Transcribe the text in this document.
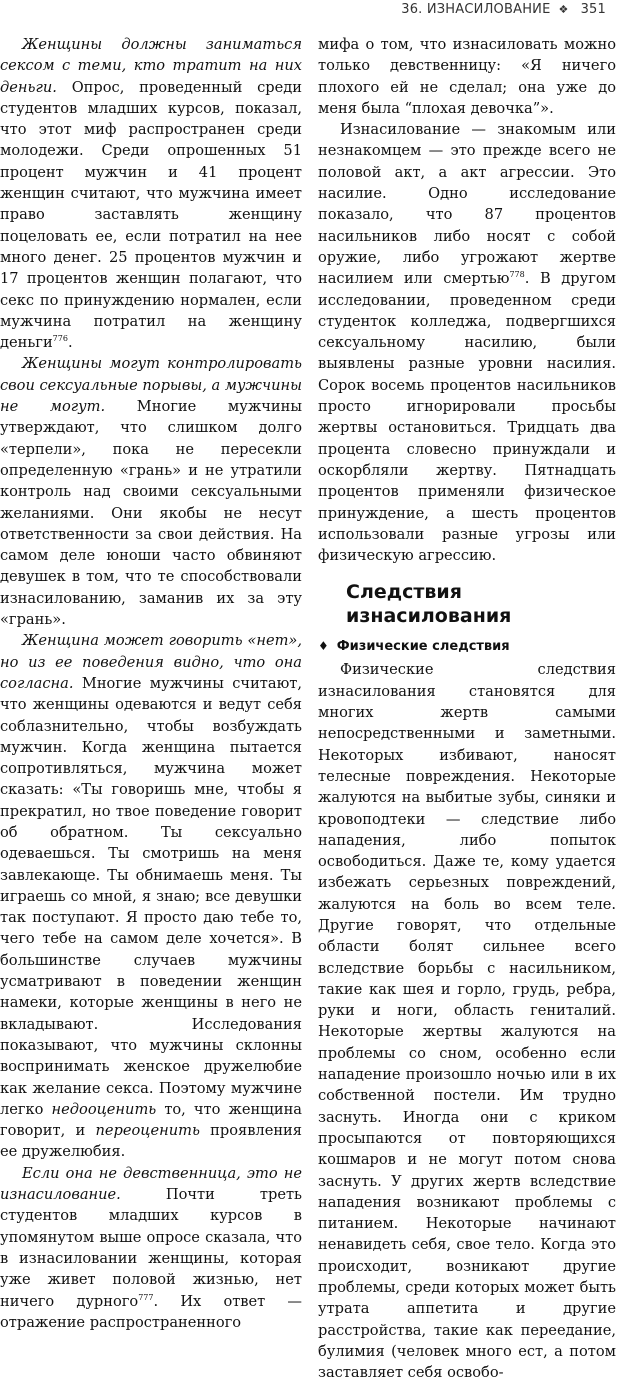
36. ИЗНАСИЛОВАНИЕ ❖ 351

Женщины должны заниматься сексом с теми, кто тратит на них деньги. Опрос, проведенный среди студентов младших курсов, показал, что этот миф распространен среди молодежи. Среди опрошенных 51 процент мужчин и 41 процент женщин считают, что мужчина имеет право заставлять женщину поцеловать ее, если потратил на нее много денег. 25 процентов мужчин и 17 процентов женщин полагают, что секс по принуждению нормален, если мужчина потратил на женщину деньги$^{776}$.

Женщины могут контролировать свои сексуальные порывы, а мужчины не могут. Многие мужчины утверждают, что слишком долго «терпели», пока не пересекли определенную «грань» и не утратили контроль над своими сексуальными желаниями. Они якобы не несут ответственности за свои действия. На самом деле юноши часто обвиняют девушек в том, что те способствовали изнасилованию, заманив их за эту «грань».

Женщина может говорить «нет», но из ее поведения видно, что она согласна. Многие мужчины считают, что женщины одеваются и ведут себя соблазнительно, чтобы возбуждать мужчин. Когда женщина пытается сопротивляться, мужчина может сказать: «Ты говоришь мне, чтобы я прекратил, но твое поведение говорит об обратном. Ты сексуально одеваешься. Ты смотришь на меня завлекающе. Ты обнимаешь меня. Ты играешь со мной, я знаю; все девушки так поступают. Я просто даю тебе то, чего тебе на самом деле хочется». В большинстве случаев мужчины усматривают в поведении женщин намеки, которые женщины в него не вкладывают. Исследования показывают, что мужчины склонны воспринимать женское дружелюбие как желание секса. Поэтому мужчине легко недооценить то, что женщина говорит, и переоценить проявления ее дружелюбия.

Если она не девственница, это не изнасилование. Почти треть студентов младших курсов в упомянутом выше опросе сказала, что в изнасиловании женщины, которая уже живет половой жизнью, нет ничего дурного$^{777}$. Их ответ — отражение распространенного

мифа о том, что изнасиловать можно только девственницу: «Я ничего плохого ей не сделал; она уже до меня была “плохая девочка”».

Изнасилование — знакомым или незнакомцем — это прежде всего не половой акт, а акт агрессии. Это насилие. Одно исследование показало, что 87 процентов насильников либо носят с собой оружие, либо угрожают жертве насилием или смертью$^{778}$. В другом исследовании, проведенном среди студенток колледжа, подвергшихся сексуальному насилию, были выявлены разные уровни насилия. Сорок восемь процентов насильников просто игнорировали просьбы жертвы остановиться. Тридцать два процента словесно принуждали и оскорбляли жертву. Пятнадцать процентов применяли физическое принуждение, а шесть процентов использовали разные угрозы или физическую агрессию.

Следствия изнасилования
♦ Физические следствия

Физические следствия изнасилования становятся для многих жертв самыми непосредственными и заметными. Некоторых избивают, наносят телесные повреждения. Некоторые жалуются на выбитые зубы, синяки и кровоподтеки — следствие либо нападения, либо попыток освободиться. Даже те, кому удается избежать серьезных повреждений, жалуются на боль во всем теле. Другие говорят, что отдельные области болят сильнее всего вследствие борьбы с насильником, такие как шея и горло, грудь, ребра, руки и ноги, область гениталий. Некоторые жертвы жалуются на проблемы со сном, особенно если нападение произошло ночью или в их собственной постели. Им трудно заснуть. Иногда они с криком просыпаются от повторяющихся кошмаров и не могут потом снова заснуть. У других жертв вследствие нападения возникают проблемы с питанием. Некоторые начинают ненавидеть себя, свое тело. Когда это происходит, возникают другие проблемы, среди которых может быть утрата аппетита и другие расстройства, такие как переедание, булимия (человек много ест, а потом заставляет себя освобо-
